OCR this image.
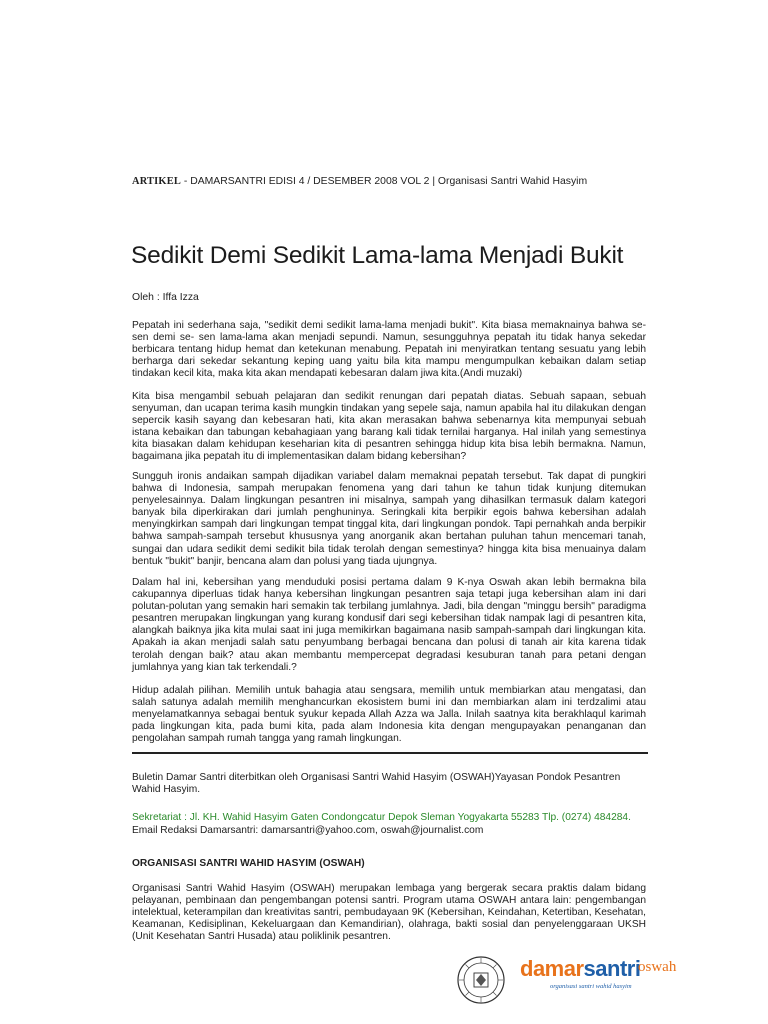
ARTIKEL - DAMARSANTRI EDISI 4 / DESEMBER 2008 VOL 2 | Organisasi Santri Wahid Hasyim
Sedikit Demi Sedikit Lama-lama Menjadi Bukit
Oleh : Iffa Izza

Pepatah ini sederhana saja, "sedikit demi sedikit lama-lama menjadi bukit". Kita biasa memaknainya bahwa se-sen demi se- sen lama-lama akan menjadi sepundi. Namun, sesungguhnya pepatah itu tidak hanya sekedar berbicara tentang hidup hemat dan ketekunan menabung. Pepatah ini menyiratkan tentang sesuatu yang lebih berharga dari sekedar sekantung keping uang yaitu bila kita mampu mengumpulkan kebaikan dalam setiap tindakan kecil kita, maka kita akan mendapati kebesaran dalam jiwa kita.(Andi muzaki)

Kita bisa mengambil sebuah pelajaran dan sedikit renungan dari pepatah diatas. Sebuah sapaan, sebuah senyuman, dan ucapan terima kasih mungkin tindakan yang sepele saja, namun apabila hal itu dilakukan dengan sepercik kasih sayang dan kebesaran hati, kita akan merasakan bahwa sebenarnya kita mempunyai sebuah istana kebaikan dan tabungan kebahagiaan yang barang kali tidak ternilai harganya. Hal inilah yang semestinya kita biasakan dalam kehidupan keseharian kita di pesantren sehingga hidup kita bisa lebih bermakna. Namun, bagaimana jika pepatah itu di implementasikan dalam bidang kebersihan?

Sungguh ironis andaikan sampah dijadikan variabel dalam memaknai pepatah tersebut. Tak dapat di pungkiri bahwa di Indonesia, sampah merupakan fenomena yang dari tahun ke tahun tidak kunjung ditemukan penyelesainnya. Dalam lingkungan pesantren ini misalnya, sampah yang dihasilkan termasuk dalam kategori banyak bila diperkirakan dari jumlah penghuninya. Seringkali kita berpikir egois bahwa kebersihan adalah menyingkirkan sampah dari lingkungan tempat tinggal kita, dari lingkungan pondok. Tapi pernahkah anda berpikir bahwa sampah-sampah tersebut khususnya yang anorganik akan bertahan puluhan tahun mencemari tanah, sungai dan udara sedikit demi sedikit bila tidak terolah dengan semestinya? hingga kita bisa menuainya dalam bentuk "bukit" banjir, bencana alam dan polusi yang tiada ujungnya.

Dalam hal ini, kebersihan yang menduduki posisi pertama dalam 9 K-nya Oswah akan lebih bermakna bila cakupannya diperluas tidak hanya kebersihan lingkungan pesantren saja tetapi juga kebersihan alam ini dari polutan-polutan yang semakin hari semakin tak terbilang jumlahnya. Jadi, bila dengan "minggu bersih" paradigma pesantren merupakan lingkungan yang kurang kondusif dari segi kebersihan tidak nampak lagi di pesantren kita, alangkah baiknya jika kita mulai saat ini juga memikirkan bagaimana nasib sampah-sampah dari lingkungan kita. Apakah ia akan menjadi salah satu penyumbang berbagai bencana dan polusi di tanah air kita karena tidak terolah dengan baik? atau akan membantu mempercepat degradasi kesuburan tanah para petani dengan jumlahnya yang kian tak terkendali.?

Hidup adalah pilihan. Memilih untuk bahagia atau sengsara, memilih untuk membiarkan atau mengatasi, dan salah satunya adalah memilih menghancurkan ekosistem bumi ini dan membiarkan alam ini terdzalimi atau menyelamatkannya sebagai bentuk syukur kepada Allah Azza wa Jalla. Inilah saatnya kita berakhlaqul karimah pada lingkungan kita, pada bumi kita, pada alam Indonesia kita dengan mengupayakan penanganan dan pengolahan sampah rumah tangga yang ramah lingkungan.

Buletin Damar Santri diterbitkan oleh Organisasi Santri Wahid Hasyim (OSWAH)Yayasan Pondok Pesantren Wahid Hasyim.

Sekretariat : Jl. KH. Wahid Hasyim Gaten Condongcatur Depok Sleman Yogyakarta 55283 Tlp. (0274) 484284.

Email Redaksi Damarsantri: damarsantri@yahoo.com, oswah@journalist.com

ORGANISASI SANTRI WAHID HASYIM (OSWAH)

Organisasi Santri Wahid Hasyim (OSWAH) merupakan lembaga yang bergerak secara praktis dalam bidang pelayanan, pembinaan dan pengembangan potensi santri. Program utama OSWAH antara lain: pengembangan intelektual, keterampilan dan kreativitas santri, pembudayaan 9K (Kebersihan, Keindahan, Ketertiban, Kesehatan, Keamanan, Kedisiplinan, Kekeluargaan dan Kemandirian), olahraga, bakti sosial dan penyelenggaraan UKSH (Unit Kesehatan Santri Husada) atau poliklinik pesantren.

damarsantri
oswah
organisasi santri wahid hasyim
